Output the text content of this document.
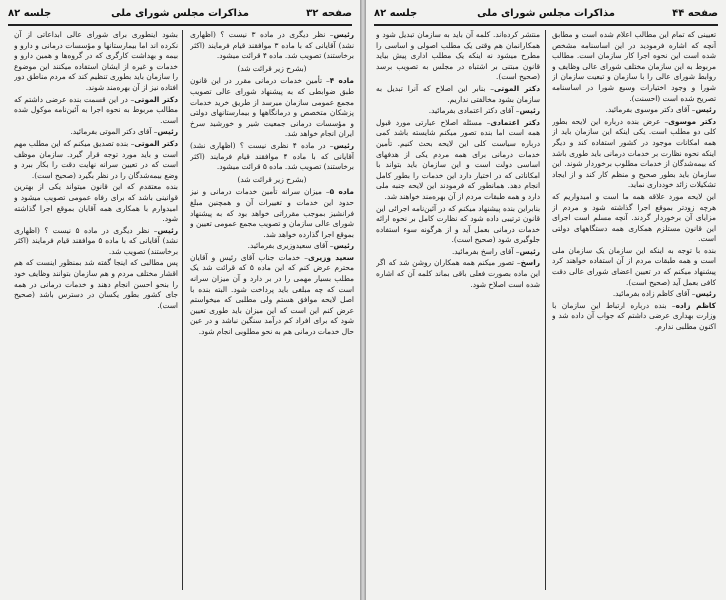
صفحه ۳۲
مذاکرات مجلس شورای ملی
جلسه ۸۲

رئیس– نظر دیگری در ماده ۳ نیست ؟ (اظهاری نشد) آقایانی که با ماده ۳ موافقند قیام فرمایند (اکثر برخاستند) تصویب شد. ماده ۴ قرائت میشود.

(بشرح زیر قرائت شد)

ماده ۴– تأمین خدمات درمانی مقرر در این قانون طبق ضوابطی که به پیشنهاد شورای عالی تصویب مجمع عمومی سازمان میرسد از طریق خرید خدمات پزشکان متخصص و درمانگاهها و بیمارستانهای دولتی و مؤسسات درمانی جمعیت شیر و خورشید سرخ ایران انجام خواهد شد.

رئیس– در ماده ۴ نظری نیست ؟ (اظهاری نشد) آقایانی که با ماده ۴ موافقند قیام فرمایند (اکثر برخاستند) تصویب شد. ماده ۵ قرائت میشود.

(بشرح زیر قرائت شد)

ماده ۵– میزان سرانه تأمین خدمات درمانی و نیز حدود این خدمات و تغییرات آن و همچنین مبلغ فرانشیز بموجب مقرراتی خواهد بود که به پیشنهاد شورای عالی سازمان و تصویب مجمع عمومی تعیین و بموقع اجرا گذارده خواهد شد.

رئیس– آقای سعیدوزیری بفرمائید.

سعید وزیری– خدمات جناب آقای رئیس و آقایان محترم عرض کنم که این ماده ۵ که قرائت شد یک مطلب بسیار مهمی را در بر دارد و آن میزان سرانه است که چه مبلغی باید پرداخت شود. البته بنده با اصل لایحه موافق هستم ولی مطلبی که میخواستم عرض کنم این است که این میزان باید طوری تعیین شود که برای افراد کم درآمد سنگین نباشد و در عین حال خدمات درمانی هم به نحو مطلوبی انجام شود.

بشود اینطوری برای شورای عالی ابداعاتی از آن نکرده اند اما بیمارستانها و مؤسسات درمانی و دارو و بیمه و بهداشت کارگری که در گروه‌ها و همین دارو و خدمات و غیره از ایشان استفاده میکنند این موضوع را سازمان باید بطوری تنظیم کند که مردم مناطق دور افتاده نیز از آن بهره‌مند شوند.

دکتر الموتی– در این قسمت بنده عرضی داشتم که مطالب مربوط به نحوه اجرا به آئین‌نامه موکول شده است.

رئیس– آقای دکتر الموتی بفرمائید.

دکتر الموتی– بنده تصدیق میکنم که این مطلب مهم است و باید مورد توجه قرار گیرد. سازمان موظف است که در تعیین سرانه نهایت دقت را بکار ببرد و وضع بیمه‌شدگان را در نظر بگیرد (صحیح است).

بنده معتقدم که این قانون میتواند یکی از بهترین قوانینی باشد که برای رفاه عمومی تصویب میشود و امیدوارم با همکاری همه آقایان بموقع اجرا گذاشته شود.

رئیس– نظر دیگری در ماده ۵ نیست ؟ (اظهاری نشد) آقایانی که با ماده ۵ موافقند قیام فرمایند (اکثر برخاستند) تصویب شد.

پس مطالبی که اینجا گفته شد بمنظور اینست که هم اقشار مختلف مردم و هم سازمان بتوانند وظایف خود را بنحو احسن انجام دهند و خدمات درمانی در همه جای کشور بطور یکسان در دسترس باشد (صحیح است).

صفحه ۴۴
مذاکرات مجلس شورای ملی
جلسه ۸۲

تعیینی که تمام این مطالب اعلام شده است و مطابق آنچه که اشاره فرمودید در این اساسنامه مشخص شده است این نحوه اجرا کار سازمان است. مطالب مربوط به این سازمان مختلف شورای عالی وظایف و روابط شورای عالی را با سازمان و تبعیت سازمان از شورا و وجود اختیارات وسیع شورا در اساسنامه تصریح شده است (احسنت).

رئیس– آقای دکتر موسوی بفرمائید.

دکتر موسوی– عرض بنده درباره این لایحه بطور کلی دو مطلب است. یکی اینکه این سازمان باید از همه امکانات موجود در کشور استفاده کند و دیگر اینکه نحوه نظارت بر خدمات درمانی باید طوری باشد که بیمه‌شدگان از خدمات مطلوب برخوردار شوند. این سازمان باید بطور صحیح و منظم کار کند و از ایجاد تشکیلات زائد خودداری نماید.

این لایحه مورد علاقه همه ما است و امیدواریم که هرچه زودتر بموقع اجرا گذاشته شود و مردم از مزایای آن برخوردار گردند. آنچه مسلم است اجرای این قانون مستلزم همکاری همه دستگاههای دولتی است.

بنده با توجه به اینکه این سازمان یک سازمان ملی است و همه طبقات مردم از آن استفاده خواهند کرد پیشنهاد میکنم که در تعیین اعضای شورای عالی دقت کافی بعمل آید (صحیح است).

رئیس– آقای کاظم زاده بفرمائید.

کاظم زاده– بنده درباره ارتباط این سازمان با وزارت بهداری عرضی داشتم که جواب آن داده شد و اکنون مطلبی ندارم.

منتشر کرده‌اند. کلمه آن باید به سازمان تبدیل شود و همکارانمان هم وقتی یک مطلب اصولی و اساسی را مطرح میشود نه اینکه یک مطلب اداری پیش بیاید قانون مبتنی بر اشتباه در مجلس به تصویب برسد (صحیح است).

دکتر الموتی– بنابر این اصلاح که آنرا تبدیل به سازمان بشود مخالفتی نداریم.

رئیس– آقای دکتر اعتمادی بفرمائید.

دکتر اعتمادی– مسئله اصلاح عبارتی مورد قبول همه است اما بنده تصور میکنم شایسته باشد کمی درباره سیاست کلی این لایحه بحث کنیم. تأمین خدمات درمانی برای همه مردم یکی از هدفهای اساسی دولت است و این سازمان باید بتواند با امکاناتی که در اختیار دارد این خدمات را بطور کامل انجام دهد. همانطور که فرمودند این لایحه جنبه ملی دارد و همه طبقات مردم از آن بهره‌مند خواهند شد.

بنابراین بنده پیشنهاد میکنم که در آئین‌نامه اجرائی این قانون ترتیبی داده شود که نظارت کامل بر نحوه ارائه خدمات درمانی بعمل آید و از هرگونه سوء استفاده جلوگیری شود (صحیح است).

رئیس– آقای راسخ بفرمائید.

راسخ– تصور میکنم همه همکاران روشن شد که اگر این ماده بصورت فعلی باقی بماند کلمه آن که اشاره شده است اصلاح شود.
